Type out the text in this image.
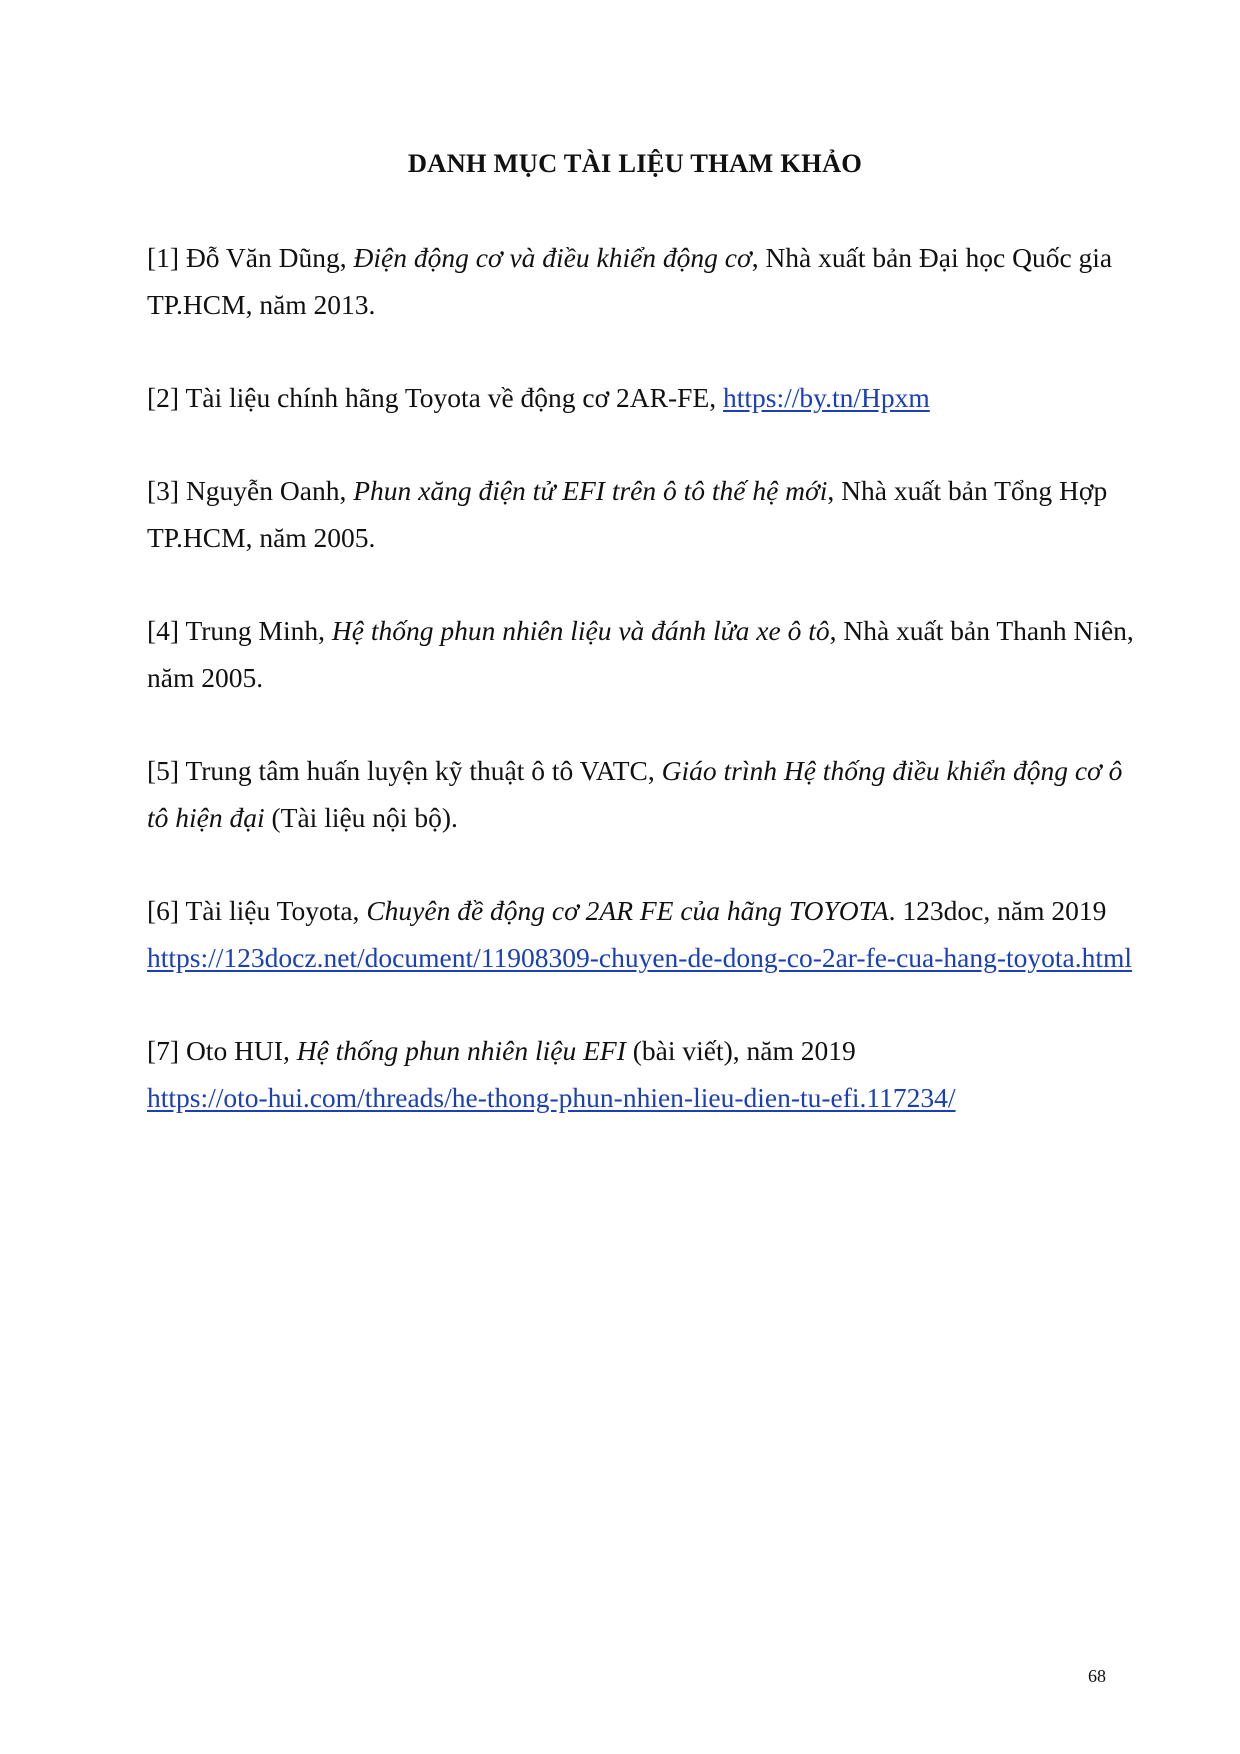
DANH MỤC TÀI LIỆU THAM KHẢO

[1] Đỗ Văn Dũng, Điện động cơ và điều khiển động cơ, Nhà xuất bản Đại học Quốc gia TP.HCM, năm 2013.

[2] Tài liệu chính hãng Toyota về động cơ 2AR-FE, https://by.tn/Hpxm

[3] Nguyễn Oanh, Phun xăng điện tử EFI trên ô tô thế hệ mới, Nhà xuất bản Tổng Hợp TP.HCM, năm 2005.

[4] Trung Minh, Hệ thống phun nhiên liệu và đánh lửa xe ô tô, Nhà xuất bản Thanh Niên, năm 2005.

[5] Trung tâm huấn luyện kỹ thuật ô tô VATC, Giáo trình Hệ thống điều khiển động cơ ô tô hiện đại (Tài liệu nội bộ).

[6] Tài liệu Toyota, Chuyên đề động cơ 2AR FE của hãng TOYOTA. 123doc, năm 2019 https://123docz.net/document/11908309-chuyen-de-dong-co-2ar-fe-cua-hang-toyota.html

[7] Oto HUI, Hệ thống phun nhiên liệu EFI (bài viết), năm 2019 https://oto-hui.com/threads/he-thong-phun-nhien-lieu-dien-tu-efi.117234/

68
